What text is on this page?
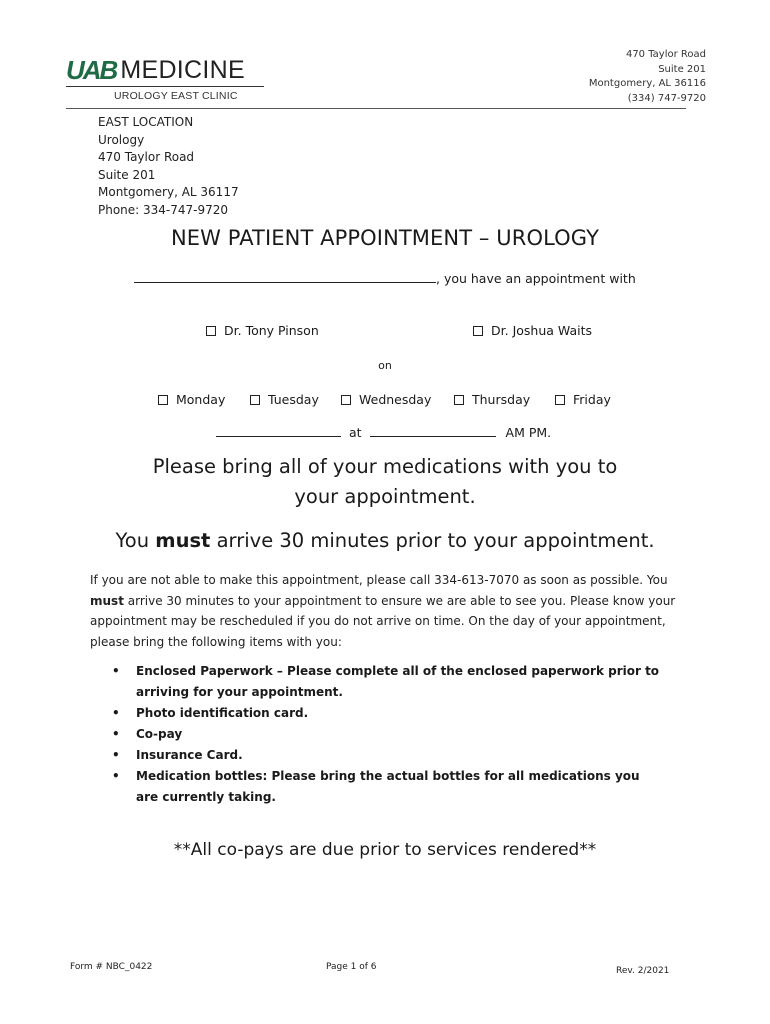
UAB MEDICINE
UROLOGY EAST CLINIC
470 Taylor Road
Suite 201
Montgomery, AL 36116
(334) 747-9720
EAST LOCATION
Urology
470 Taylor Road
Suite 201
Montgomery, AL 36117
Phone: 334-747-9720
NEW PATIENT APPOINTMENT – UROLOGY
, you have an appointment with
Dr. Tony Pinson	Dr. Joshua Waits
on
Monday	Tuesday	Wednesday	Thursday	Friday
at	AM PM.
Please bring all of your medications with you to your appointment.
You must arrive 30 minutes prior to your appointment.
If you are not able to make this appointment, please call 334-613-7070 as soon as possible. You must arrive 30 minutes to your appointment to ensure we are able to see you. Please know your appointment may be rescheduled if you do not arrive on time. On the day of your appointment, please bring the following items with you:
• Enclosed Paperwork – Please complete all of the enclosed paperwork prior to arriving for your appointment.
• Photo identification card.
• Co-pay
• Insurance Card.
• Medication bottles: Please bring the actual bottles for all medications you are currently taking.
**All co-pays are due prior to services rendered**
Form # NBC_0422	Page 1 of 6	Rev. 2/2021
